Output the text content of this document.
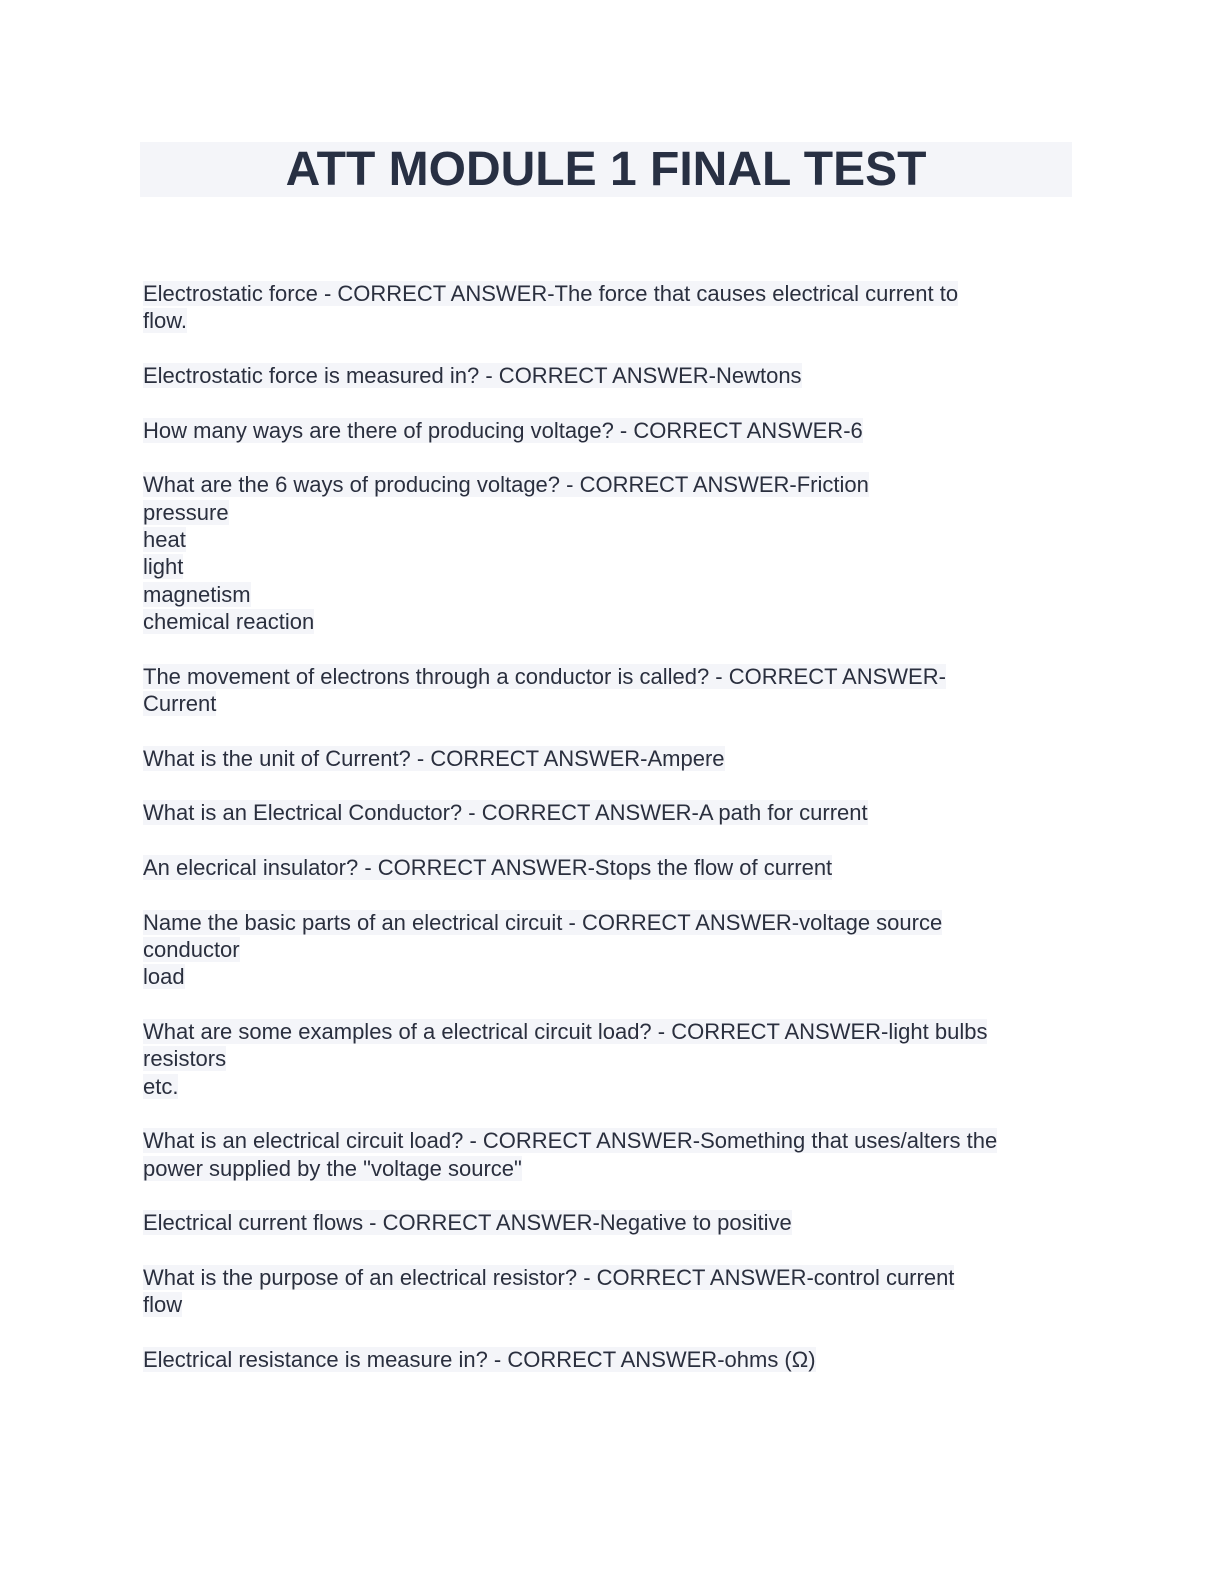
ATT MODULE 1 FINAL TEST
Electrostatic force - CORRECT ANSWER-The force that causes electrical current to
flow.
Electrostatic force is measured in? - CORRECT ANSWER-Newtons
How many ways are there of producing voltage? - CORRECT ANSWER-6
What are the 6 ways of producing voltage? - CORRECT ANSWER-Friction
pressure
heat
light
magnetism
chemical reaction
The movement of electrons through a conductor is called? - CORRECT ANSWER-
Current
What is the unit of Current? - CORRECT ANSWER-Ampere
What is an Electrical Conductor? - CORRECT ANSWER-A path for current
An elecrical insulator? - CORRECT ANSWER-Stops the flow of current
Name the basic parts of an electrical circuit - CORRECT ANSWER-voltage source
conductor
load
What are some examples of a electrical circuit load? - CORRECT ANSWER-light bulbs
resistors
etc.
What is an electrical circuit load? - CORRECT ANSWER-Something that uses/alters the
power supplied by the "voltage source"
Electrical current flows - CORRECT ANSWER-Negative to positive
What is the purpose of an electrical resistor? - CORRECT ANSWER-control current
flow
Electrical resistance is measure in? - CORRECT ANSWER-ohms (Ω)
